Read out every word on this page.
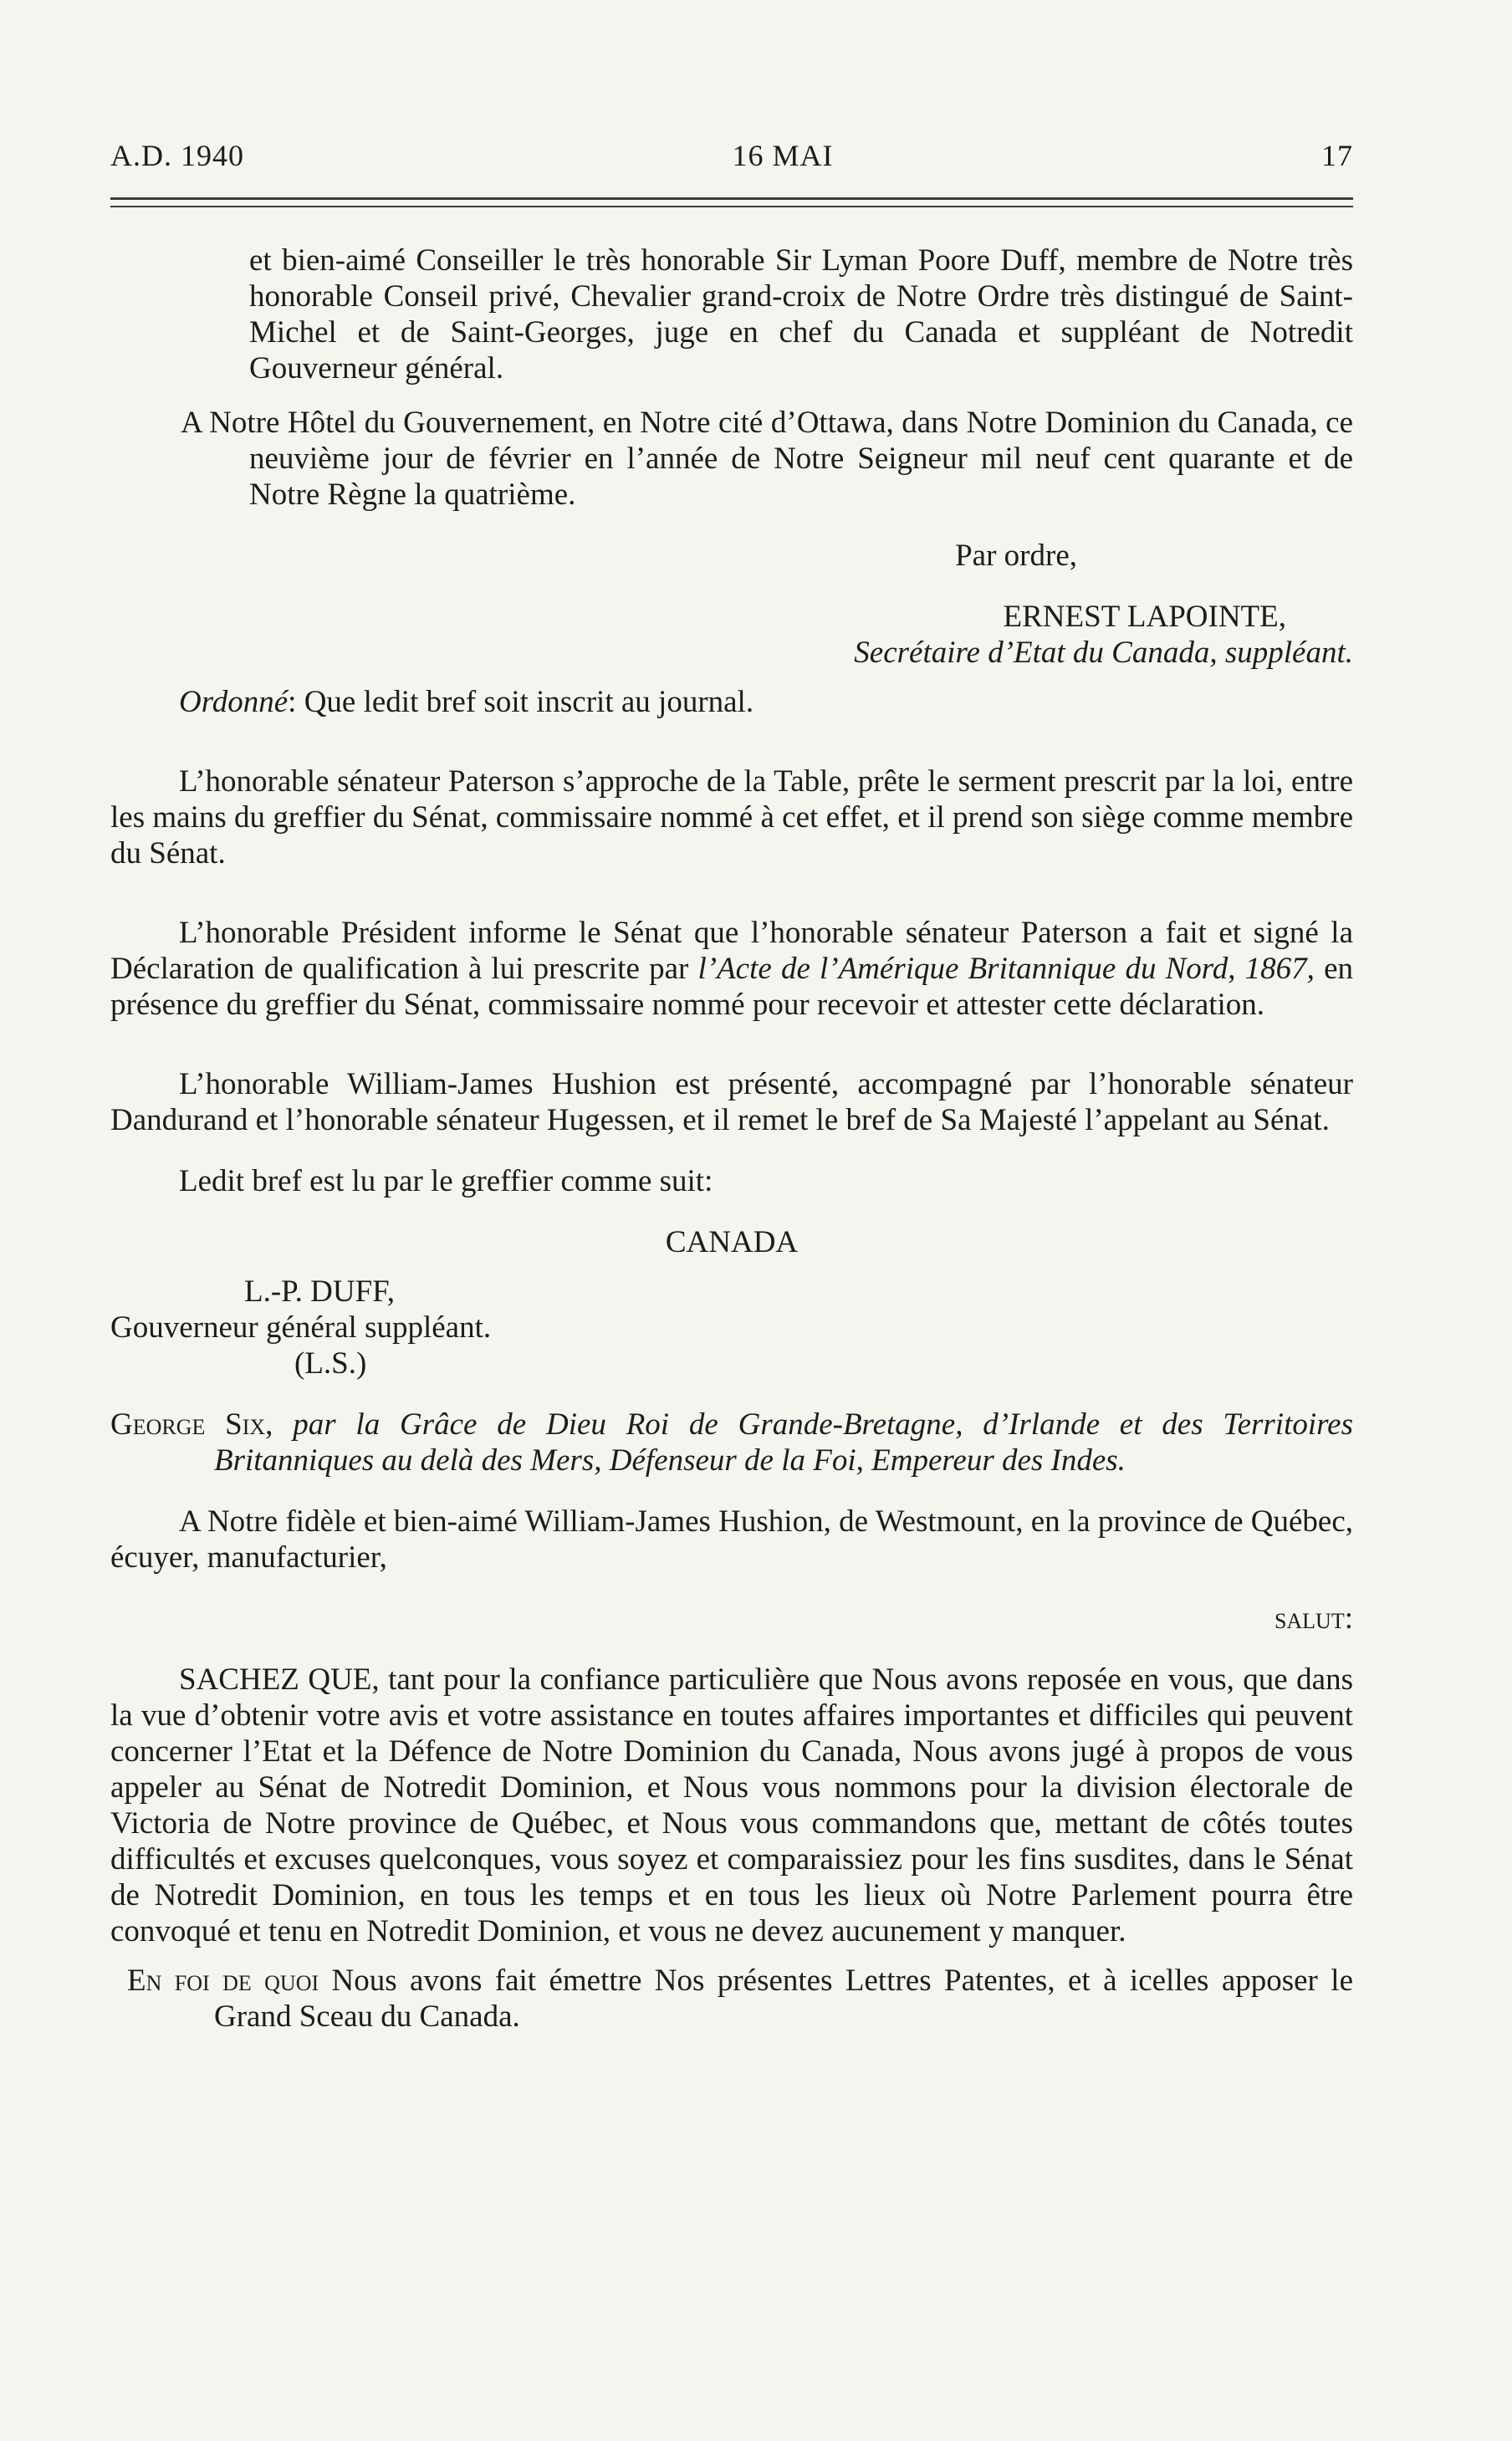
A.D. 1940	16 MAI	17

et bien-aimé Conseiller le très honorable Sir Lyman Poore Duff, membre de Notre très honorable Conseil privé, Chevalier grand-croix de Notre Ordre très distingué de Saint-Michel et de Saint-Georges, juge en chef du Canada et suppléant de Notredit Gouverneur général.

A Notre Hôtel du Gouvernement, en Notre cité d’Ottawa, dans Notre Dominion du Canada, ce neuvième jour de février en l’année de Notre Seigneur mil neuf cent quarante et de Notre Règne la quatrième.

Par ordre,

ERNEST LAPOINTE,

Secrétaire d’Etat du Canada, suppléant.

Ordonné: Que ledit bref soit inscrit au journal.

L’honorable sénateur Paterson s’approche de la Table, prête le serment prescrit par la loi, entre les mains du greffier du Sénat, commissaire nommé à cet effet, et il prend son siège comme membre du Sénat.

L’honorable Président informe le Sénat que l’honorable sénateur Paterson a fait et signé la Déclaration de qualification à lui prescrite par l’Acte de l’Amérique Britannique du Nord, 1867, en présence du greffier du Sénat, commissaire nommé pour recevoir et attester cette déclaration.

L’honorable William-James Hushion est présenté, accompagné par l’honorable sénateur Dandurand et l’honorable sénateur Hugessen, et il remet le bref de Sa Majesté l’appelant au Sénat.

Ledit bref est lu par le greffier comme suit:

CANADA

L.-P. DUFF,

Gouverneur général suppléant.

(L.S.)

George Six, par la Grâce de Dieu Roi de Grande-Bretagne, d’Irlande et des Territoires Britanniques au delà des Mers, Défenseur de la Foi, Empereur des Indes.

A Notre fidèle et bien-aimé William-James Hushion, de Westmount, en la province de Québec, écuyer, manufacturier,

salut:

SACHEZ QUE, tant pour la confiance particulière que Nous avons reposée en vous, que dans la vue d’obtenir votre avis et votre assistance en toutes affaires importantes et difficiles qui peuvent concerner l’Etat et la Défence de Notre Dominion du Canada, Nous avons jugé à propos de vous appeler au Sénat de Notredit Dominion, et Nous vous nommons pour la division électorale de Victoria de Notre province de Québec, et Nous vous commandons que, mettant de côtés toutes difficultés et excuses quelconques, vous soyez et comparaissiez pour les fins susdites, dans le Sénat de Notredit Dominion, en tous les temps et en tous les lieux où Notre Parlement pourra être convoqué et tenu en Notredit Dominion, et vous ne devez aucunement y manquer.

En foi de quoi Nous avons fait émettre Nos présentes Lettres Patentes, et à icelles apposer le Grand Sceau du Canada.
